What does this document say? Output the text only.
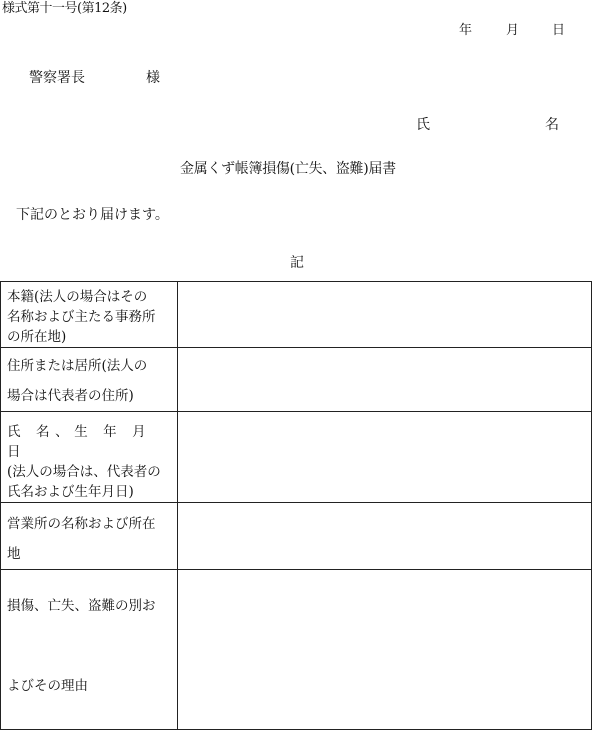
様式第十一号(第12条)
年	月	日
警察署長	様
氏	名
金属くず帳簿損傷(亡失、盗難)届書
下記のとおり届けます。
記
本籍(法人の場合はその
名称および主たる事務所
の所在地)	

住所または居所(法人の
場合は代表者の住所)	

氏 名、生 年 月 日
(法人の場合は、代表者の
氏名および生年月日)	

営業所の名称および所在
地	

損傷、亡失、盗難の別お
よびその理由	
